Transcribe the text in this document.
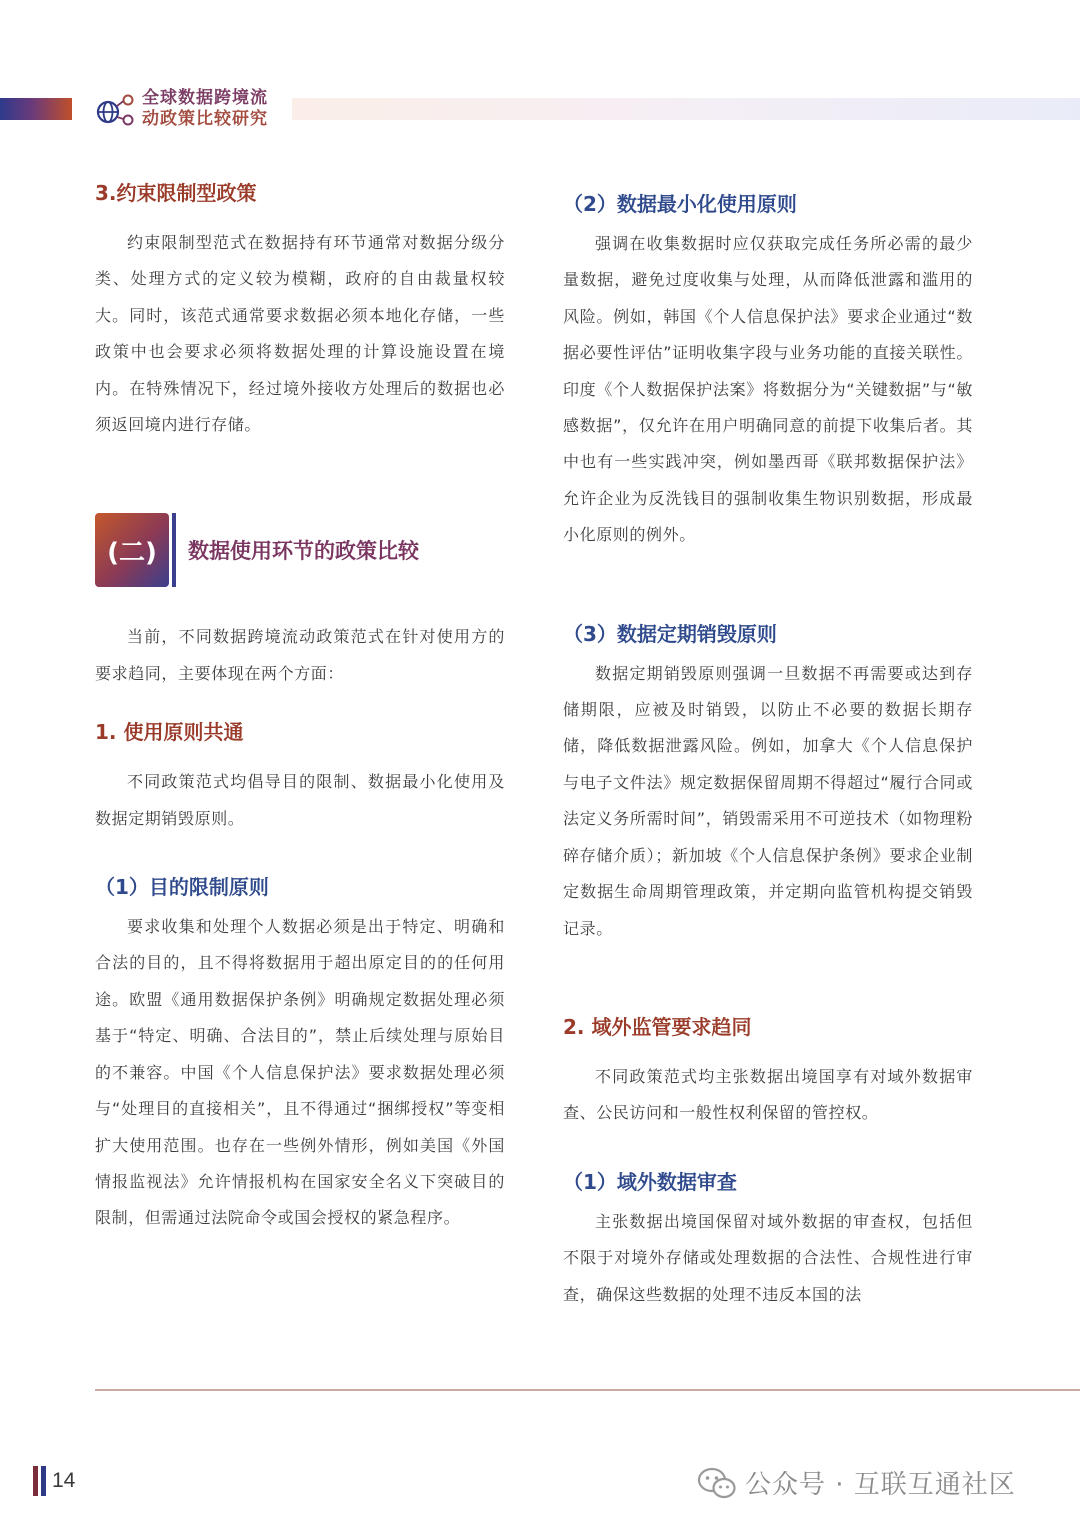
全球数据跨境流
动政策比较研究
3.约束限制型政策

约束限制型范式在数据持有环节通常对数据分级分类、处理方式的定义较为模糊，政府的自由裁量权较大。同时，该范式通常要求数据必须本地化存储，一些政策中也会要求必须将数据处理的计算设施设置在境内。在特殊情况下，经过境外接收方处理后的数据也必须返回境内进行存储。

(二)	数据使用环节的政策比较

当前，不同数据跨境流动政策范式在针对使用方的要求趋同，主要体现在两个方面：

1. 使用原则共通

不同政策范式均倡导目的限制、数据最小化使用及数据定期销毁原则。

（1）目的限制原则

要求收集和处理个人数据必须是出于特定、明确和合法的目的，且不得将数据用于超出原定目的的任何用途。欧盟《通用数据保护条例》明确规定数据处理必须基于“特定、明确、合法目的”，禁止后续处理与原始目的不兼容。中国《个人信息保护法》要求数据处理必须与“处理目的直接相关”，且不得通过“捆绑授权”等变相扩大使用范围。也存在一些例外情形，例如美国《外国情报监视法》允许情报机构在国家安全名义下突破目的限制，但需通过法院命令或国会授权的紧急程序。

（2）数据最小化使用原则

强调在收集数据时应仅获取完成任务所必需的最少量数据，避免过度收集与处理，从而降低泄露和滥用的风险。例如，韩国《个人信息保护法》要求企业通过“数据必要性评估”证明收集字段与业务功能的直接关联性。印度《个人数据保护法案》将数据分为“关键数据”与“敏感数据”，仅允许在用户明确同意的前提下收集后者。其中也有一些实践冲突，例如墨西哥《联邦数据保护法》允许企业为反洗钱目的强制收集生物识别数据，形成最小化原则的例外。

（3）数据定期销毁原则

数据定期销毁原则强调一旦数据不再需要或达到存储期限，应被及时销毁，以防止不必要的数据长期存储，降低数据泄露风险。例如，加拿大《个人信息保护与电子文件法》规定数据保留周期不得超过“履行合同或法定义务所需时间”，销毁需采用不可逆技术（如物理粉碎存储介质）；新加坡《个人信息保护条例》要求企业制定数据生命周期管理政策，并定期向监管机构提交销毁记录。

2. 域外监管要求趋同

不同政策范式均主张数据出境国享有对域外数据审查、公民访问和一般性权利保留的管控权。

（1）域外数据审查

主张数据出境国保留对域外数据的审查权，包括但不限于对境外存储或处理数据的合法性、合规性进行审查，确保这些数据的处理不违反本国的法

14	公众号 · 互联互通社区
